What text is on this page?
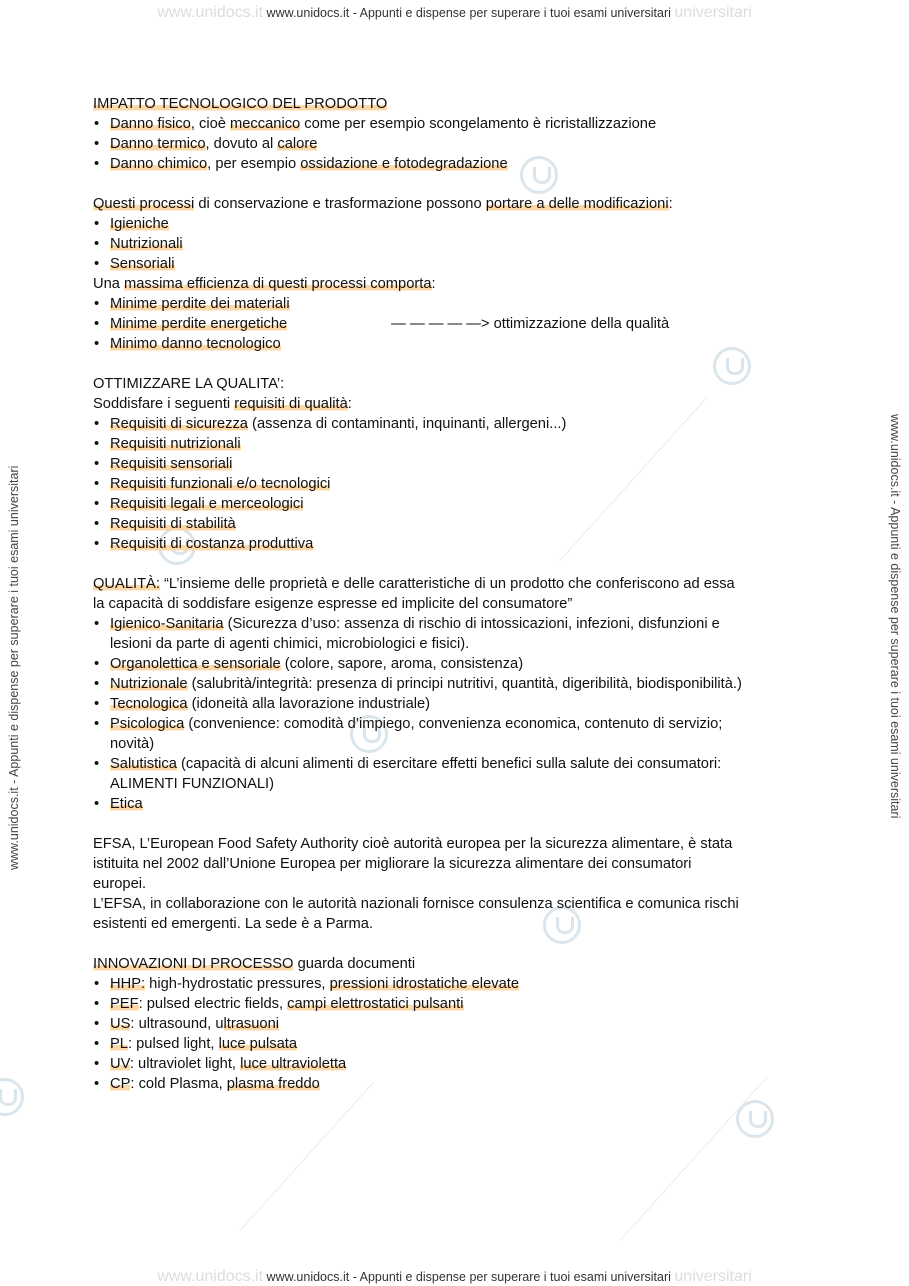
www.unidocs.it www.unidocs.it - Appunti e dispense per superare i tuoi esami universitari universitari
www.unidocs.it www.unidocs.it - Appunti e dispense per superare i tuoi esami universitari universitari
www.unidocs.it - Appunti e dispense per superare i tuoi esami universitari	www.unidocs.it - Appunti e dispense per superare i tuoi esami universitari
IMPATTO TECNOLOGICO DEL PRODOTTO
• Danno fisico, cioè meccanico come per esempio scongelamento è ricristallizzazione
• Danno termico, dovuto al calore
• Danno chimico, per esempio ossidazione e fotodegradazione
Questi processi di conservazione e trasformazione possono portare a delle modificazioni:
• Igieniche
• Nutrizionali
• Sensoriali
Una massima efficienza di questi processi comporta:
• Minime perdite dei materiali
• Minime perdite energetiche	— — — — —> ottimizzazione della qualità
• Minimo danno tecnologico
OTTIMIZZARE LA QUALITA’:
Soddisfare i seguenti requisiti di qualità:
• Requisiti di sicurezza (assenza di contaminanti, inquinanti, allergeni...)
• Requisiti nutrizionali
• Requisiti sensoriali
• Requisiti funzionali e/o tecnologici
• Requisiti legali e merceologici
• Requisiti di stabilità
• Requisiti di costanza produttiva
QUALITÀ: “L’insieme delle proprietà e delle caratteristiche di un prodotto che conferiscono ad essa
la capacità di soddisfare esigenze espresse ed implicite del consumatore”
• Igienico-Sanitaria (Sicurezza d’uso: assenza di rischio di intossicazioni, infezioni, disfunzioni e
lesioni da parte di agenti chimici, microbiologici e fisici).
• Organolettica e sensoriale (colore, sapore, aroma, consistenza)
• Nutrizionale (salubrità/integrità: presenza di principi nutritivi, quantità, digeribilità, biodisponibilità.)
• Tecnologica (idoneità alla lavorazione industriale)
• Psicologica (convenience: comodità d’impiego, convenienza economica, contenuto di servizio;
novità)
• Salutistica (capacità di alcuni alimenti di esercitare effetti benefici sulla salute dei consumatori:
ALIMENTI FUNZIONALI)
• Etica
EFSA, L’European Food Safety Authority cioè autorità europea per la sicurezza alimentare, è stata
istituita nel 2002 dall’Unione Europea per migliorare la sicurezza alimentare dei consumatori
europei.
L’EFSA, in collaborazione con le autorità nazionali fornisce consulenza scientifica e comunica rischi
esistenti ed emergenti. La sede è a Parma.
INNOVAZIONI DI PROCESSO guarda documenti
• HHP: high-hydrostatic pressures, pressioni idrostatiche elevate
• PEF: pulsed electric fields, campi elettrostatici pulsanti
• US: ultrasound, ultrasuoni
• PL: pulsed light, luce pulsata
• UV: ultraviolet light, luce ultravioletta
• CP: cold Plasma, plasma freddo
